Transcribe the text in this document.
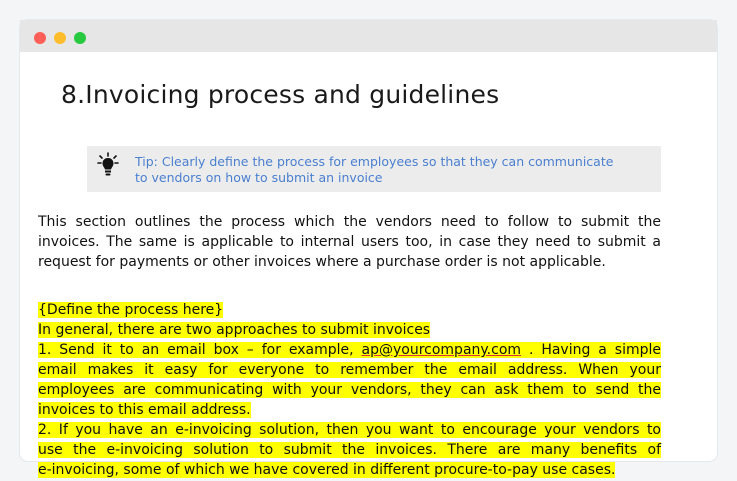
8.Invoicing process and guidelines
Tip: Clearly define the process for employees so that they can communicate
to vendors on how to submit an invoice
This section outlines the process which the vendors need to follow to submit the invoices. The same is applicable to internal users too, in case they need to submit a request for payments or other invoices where a purchase order is not applicable.
{Define the process here}
In general, there are two approaches to submit invoices
1. Send it to an email box – for example, ap@yourcompany.com . Having a simple
email makes it easy for everyone to remember the email address. When your
employees are communicating with your vendors, they can ask them to send the
invoices to this email address.
2. If you have an e-invoicing solution, then you want to encourage your vendors to
use the e-invoicing solution to submit the invoices. There are many benefits of
e-invoicing, some of which we have covered in different procure-to-pay use cases.
